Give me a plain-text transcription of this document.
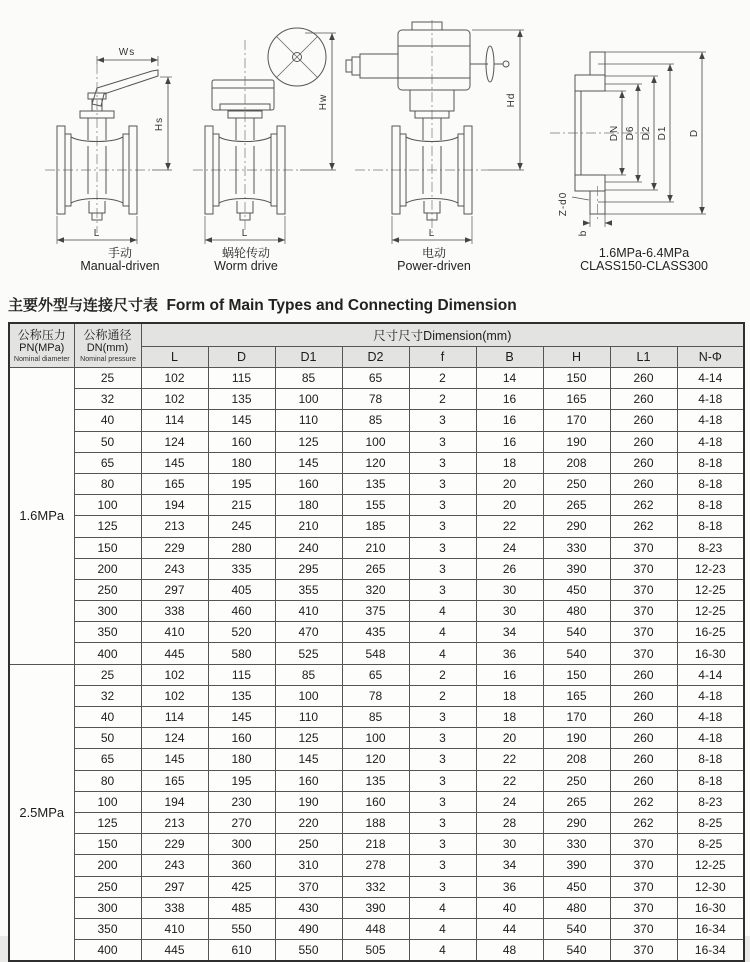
Ws
Hs
L
Hw
L
Hd
L
DN D6 D2 D1 D
Z-d0
b
手动
Manual-driven
蜗轮传动
Worm drive
电动
Power-driven
1.6MPa-6.4MPa
CLASS150-CLASS300
主要外型与连接尺寸表 Form of Main Types and Connecting Dimension
公称压力
PN(MPa)
Nominal diameter

公称通径
DN(mm)
Nominal pressure
	尺寸尺寸Dimension(mm)
		L	D	D1	D2	f	B	H	L1	N-Φ
1.6MPa	25	102	115	85	65	2	14	150	260	4-14
	32	102	135	100	78	2	16	165	260	4-18
	40	114	145	110	85	3	16	170	260	4-18
	50	124	160	125	100	3	16	190	260	4-18
	65	145	180	145	120	3	18	208	260	8-18
	80	165	195	160	135	3	20	250	260	8-18
	100	194	215	180	155	3	20	265	262	8-18
	125	213	245	210	185	3	22	290	262	8-18
	150	229	280	240	210	3	24	330	370	8-23
	200	243	335	295	265	3	26	390	370	12-23
	250	297	405	355	320	3	30	450	370	12-25
	300	338	460	410	375	4	30	480	370	12-25
	350	410	520	470	435	4	34	540	370	16-25
	400	445	580	525	548	4	36	540	370	16-30
2.5MPa	25	102	115	85	65	2	16	150	260	4-14
	32	102	135	100	78	2	18	165	260	4-18
	40	114	145	110	85	3	18	170	260	4-18
	50	124	160	125	100	3	20	190	260	4-18
	65	145	180	145	120	3	22	208	260	8-18
	80	165	195	160	135	3	22	250	260	8-18
	100	194	230	190	160	3	24	265	262	8-23
	125	213	270	220	188	3	28	290	262	8-25
	150	229	300	250	218	3	30	330	370	8-25
	200	243	360	310	278	3	34	390	370	12-25
	250	297	425	370	332	3	36	450	370	12-30
	300	338	485	430	390	4	40	480	370	16-30
	350	410	550	490	448	4	44	540	370	16-34
	400	445	610	550	505	4	48	540	370	16-34
